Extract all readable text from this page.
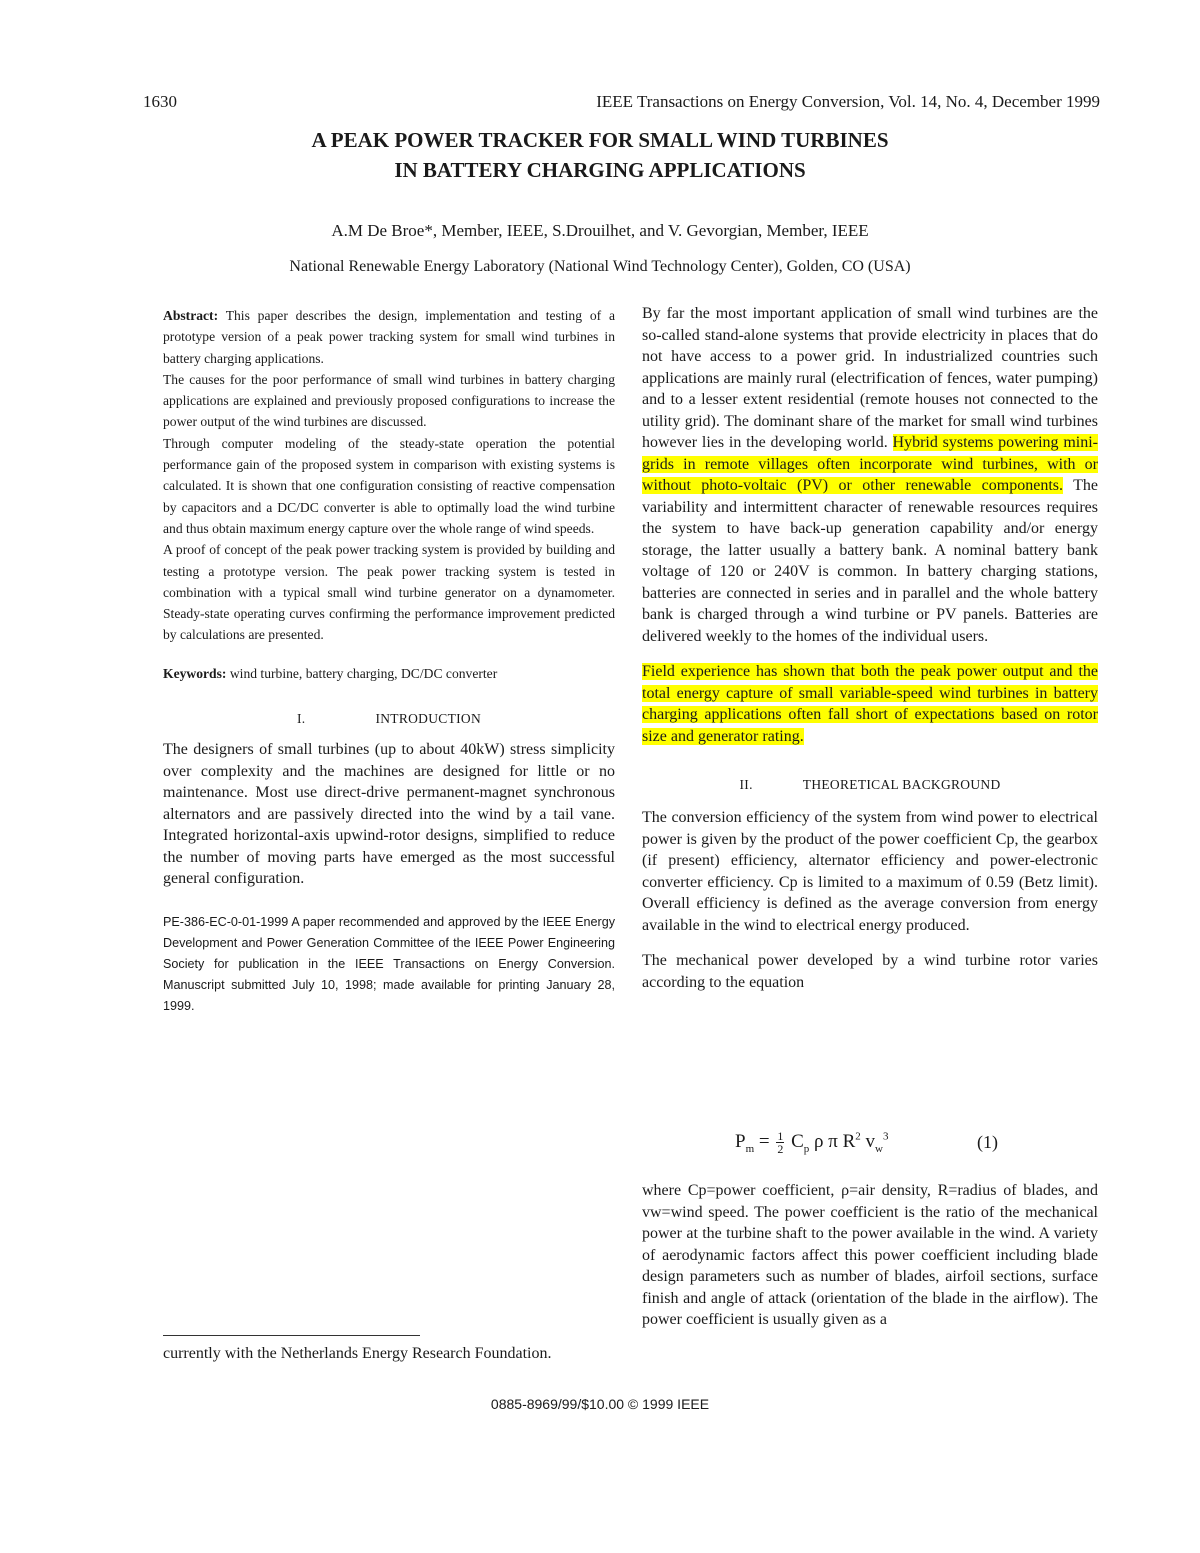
1630	IEEE Transactions on Energy Conversion, Vol. 14, No. 4, December 1999
A PEAK POWER TRACKER FOR SMALL WIND TURBINES
IN BATTERY CHARGING APPLICATIONS
A.M De Broe*, Member, IEEE, S.Drouilhet, and V. Gevorgian, Member, IEEE
National Renewable Energy Laboratory (National Wind Technology Center), Golden, CO (USA)

Abstract: This paper describes the design, implementation and testing of a prototype version of a peak power tracking system for small wind turbines in battery charging applications.

The causes for the poor performance of small wind turbines in battery charging applications are explained and previously proposed configurations to increase the power output of the wind turbines are discussed.

Through computer modeling of the steady-state operation the potential performance gain of the proposed system in comparison with existing systems is calculated. It is shown that one configuration consisting of reactive compensation by capacitors and a DC/DC converter is able to optimally load the wind turbine and thus obtain maximum energy capture over the whole range of wind speeds.

A proof of concept of the peak power tracking system is provided by building and testing a prototype version. The peak power tracking system is tested in combination with a typical small wind turbine generator on a dynamometer. Steady-state operating curves confirming the performance improvement predicted by calculations are presented.

Keywords: wind turbine, battery charging, DC/DC converter

I.	INTRODUCTION

The designers of small turbines (up to about 40kW) stress simplicity over complexity and the machines are designed for little or no maintenance. Most use direct-drive permanent-magnet synchronous alternators and are passively directed into the wind by a tail vane. Integrated horizontal-axis upwind-rotor designs, simplified to reduce the number of moving parts have emerged as the most successful general configuration.

PE-386-EC-0-01-1999 A paper recommended and approved by the IEEE Energy Development and Power Generation Committee of the IEEE Power Engineering Society for publication in the IEEE Transactions on Energy Conversion. Manuscript submitted July 10, 1998; made available for printing January 28, 1999.

By far the most important application of small wind turbines are the so-called stand-alone systems that provide electricity in places that do not have access to a power grid. In industrialized countries such applications are mainly rural (electrification of fences, water pumping) and to a lesser extent residential (remote houses not connected to the utility grid). The dominant share of the market for small wind turbines however lies in the developing world. Hybrid systems powering mini-grids in remote villages often incorporate wind turbines, with or without photo-voltaic (PV) or other renewable components. The variability and intermittent character of renewable resources requires the system to have back-up generation capability and/or energy storage, the latter usually a battery bank. A nominal battery bank voltage of 120 or 240V is common. In battery charging stations, batteries are connected in series and in parallel and the whole battery bank is charged through a wind turbine or PV panels. Batteries are delivered weekly to the homes of the individual users.

Field experience has shown that both the peak power output and the total energy capture of small variable-speed wind turbines in battery charging applications often fall short of expectations based on rotor size and generator rating.

II.	THEORETICAL BACKGROUND

The conversion efficiency of the system from wind power to electrical power is given by the product of the power coefficient Cp, the gearbox (if present) efficiency, alternator efficiency and power-electronic converter efficiency. Cp is limited to a maximum of 0.59 (Betz limit). Overall efficiency is defined as the average conversion from energy available in the wind to electrical energy produced.

The mechanical power developed by a wind turbine rotor varies according to the equation

$P_m = \frac{1}{2} C_p$ ρ π $R^2$ $v_w^3$	(1)

where Cp=power coefficient, ρ=air density, R=radius of blades, and vw=wind speed. The power coefficient is the ratio of the mechanical power at the turbine shaft to the power available in the wind. A variety of aerodynamic factors affect this power coefficient including blade design parameters such as number of blades, airfoil sections, surface finish and angle of attack (orientation of the blade in the airflow). The power coefficient is usually given as a

currently with the Netherlands Energy Research Foundation.
0885-8969/99/$10.00 © 1999 IEEE
